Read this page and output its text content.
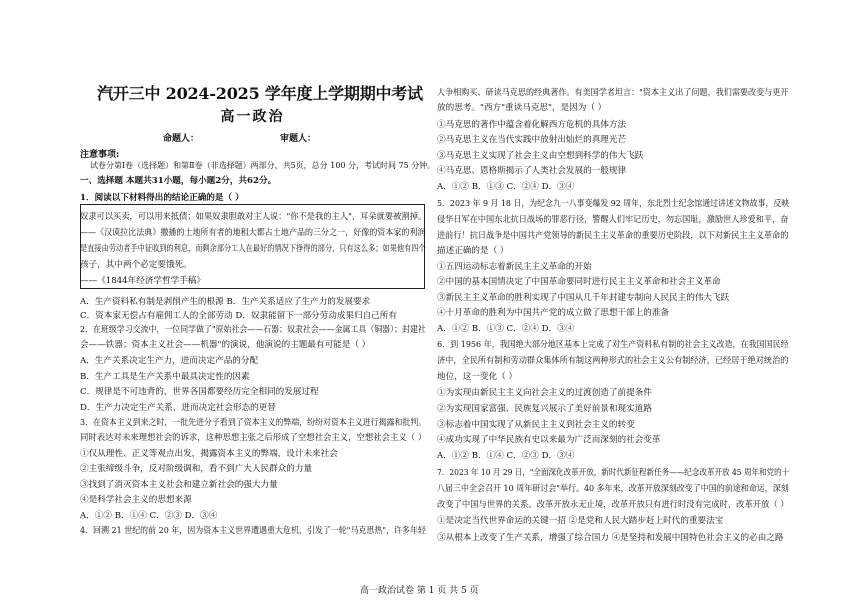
汽开三中 2024-2025 学年度上学期期中考试
高一政治
命题人：	审题人：
注意事项:
试卷分第Ⅰ卷（选择题）和第Ⅱ卷（非选择题）两部分，共5页，总分 100 分，考试时间 75 分钟。
一、选择题 本题共31小题，每小题2分，共62分。
1．阅读以下材料得出的结论正确的是（ ）
奴隶可以买卖，可以用来抵债；如果奴隶胆敢对主人说："你不是我的主人"，耳朵就要被割掉。
——《汉谟拉比法典》撒播的土地所有者的地租大都占土地产品的三分之一，好像的资本家的利润
是直接由劳动者手中征收到的利息，而剩余部分工人在最好的情况下挣得的部分，只有这么多；如果他有四个
孩子，其中两个必定要饿死。
——《1844年经济学哲学手稿》
A．生产资料私有制是剥削产生的根源 B．生产关系适应了生产力的发展要求
C．资本家无偿占有雇佣工人的全部劳动 D．奴隶能留下一部分劳动成果归自己所有
2．在班级学习交流中，一位同学做了"原始社会——石器；奴隶社会——金属工具（铜器）；封建社
会——铁器；资本主义社会——机器"的演说，他演说的主题最有可能是（ ）
A．生产关系决定生产力，进而决定产品的分配
B．生产工具是生产关系中最具决定性的因素
C．规律是不可违背的，世界各国都要经历完全相同的发展过程
D．生产力决定生产关系，进而决定社会形态的更替
3．在资本主义到来之时，一批先进分子看到了资本主义的弊端，纷纷对资本主义进行揭露和批判。
同时表达对未来理想社会的诉求，这种思想主张之后形成了空想社会主义，空想社会主义（ ）
①仅从理性、正义等观点出发，揭露资本主义的弊端，设计未来社会
②主张缔级斗争，反对阶级调和，看不到广大人民群众的力量
③找到了消灭资本主义社会和建立新社会的强大力量
④是科学社会主义的思想来源
A．①② B．①④ C．②③ D．③④
4．回溯 21 世纪的前 20 年，因为资本主义世界遭遇重大危机，引发了一轮"马克思热"，许多年轻
人争相购买、研读马克思的经典著作。有美国学者坦言："资本主义出了问题，我们需要改变与更开
放的思考。"西方"重读马克思"，是因为（ ）
①马克思的著作中蕴含着化解西方危机的具体方法
②马克思主义在当代实践中放射出灿烂的真理光芒
③马克思主义实现了社会主义由空想到科学的伟大飞跃
④马克思、恩格斯揭示了人类社会发展的一般规律
A．①② B．①③ C．②④ D．③④
5．2023 年 9 月 18 日，为纪念九一八事变爆发 92 周年，东北烈士纪念馆通过讲述文物故事，反映
侵华日军在中国东北抗日战场的罪恶行径，警醒人们牢记历史，勿忘国耻，激励世人珍爱和平，奋
进前行！抗日战争是中国共产党领导的新民主主义革命的重要历史阶段，以下对新民主主义革命的
描述正确的是（ ）
①五四运动标志着新民主主义革命的开始
②中国的基本国情决定了中国革命要同时进行民主主义革命和社会主义革命
③新民主主义革命的胜利实现了中国从几千年封建专制向人民民主的伟大飞跃
④十月革命的胜利为中国共产党的成立做了思想干部上的准备
A．①② B．①③ C．②④ D．③④
6．到 1956 年，我国绝大部分地区基本上完成了对生产资料私有制的社会主义改造，在我国国民经
济中，全民所有制和劳动群众集体所有制这两种形式的社会主义公有制经济，已经居于绝对统治的
地位，这一变化（ ）
①为实现由新民主主义向社会主义的过渡创造了前提条件
②为实现国家富强、民族复兴展示了美好前景和现实道路
③标志着中国实现了从新民主主义到社会主义的转变
④成功实现了中华民族有史以来最为广泛而深刻的社会变革
A．①② B．①④ C．②③ D．③④
7．2023 年 10 月 29 日，"全面深化改革开放，新时代新征程新任务——纪念改革开放 45 周年和党的十
八届三中全会召开 10 周年研讨会"举行。40 多年来，改革开放深刻改变了中国的前途和命运，深刻
改变了中国与世界的关系。改革开放永无止境，改革开放只有进行时没有完成时，改革开放（ ）
①是决定当代世界命运的关键一招 ②是党和人民大踏步赶上时代的重要法宝
③从根本上改变了生产关系，增强了综合国力 ④是坚持和发展中国特色社会主义的必由之路
高一政治试卷 第 1 页 共 5 页
